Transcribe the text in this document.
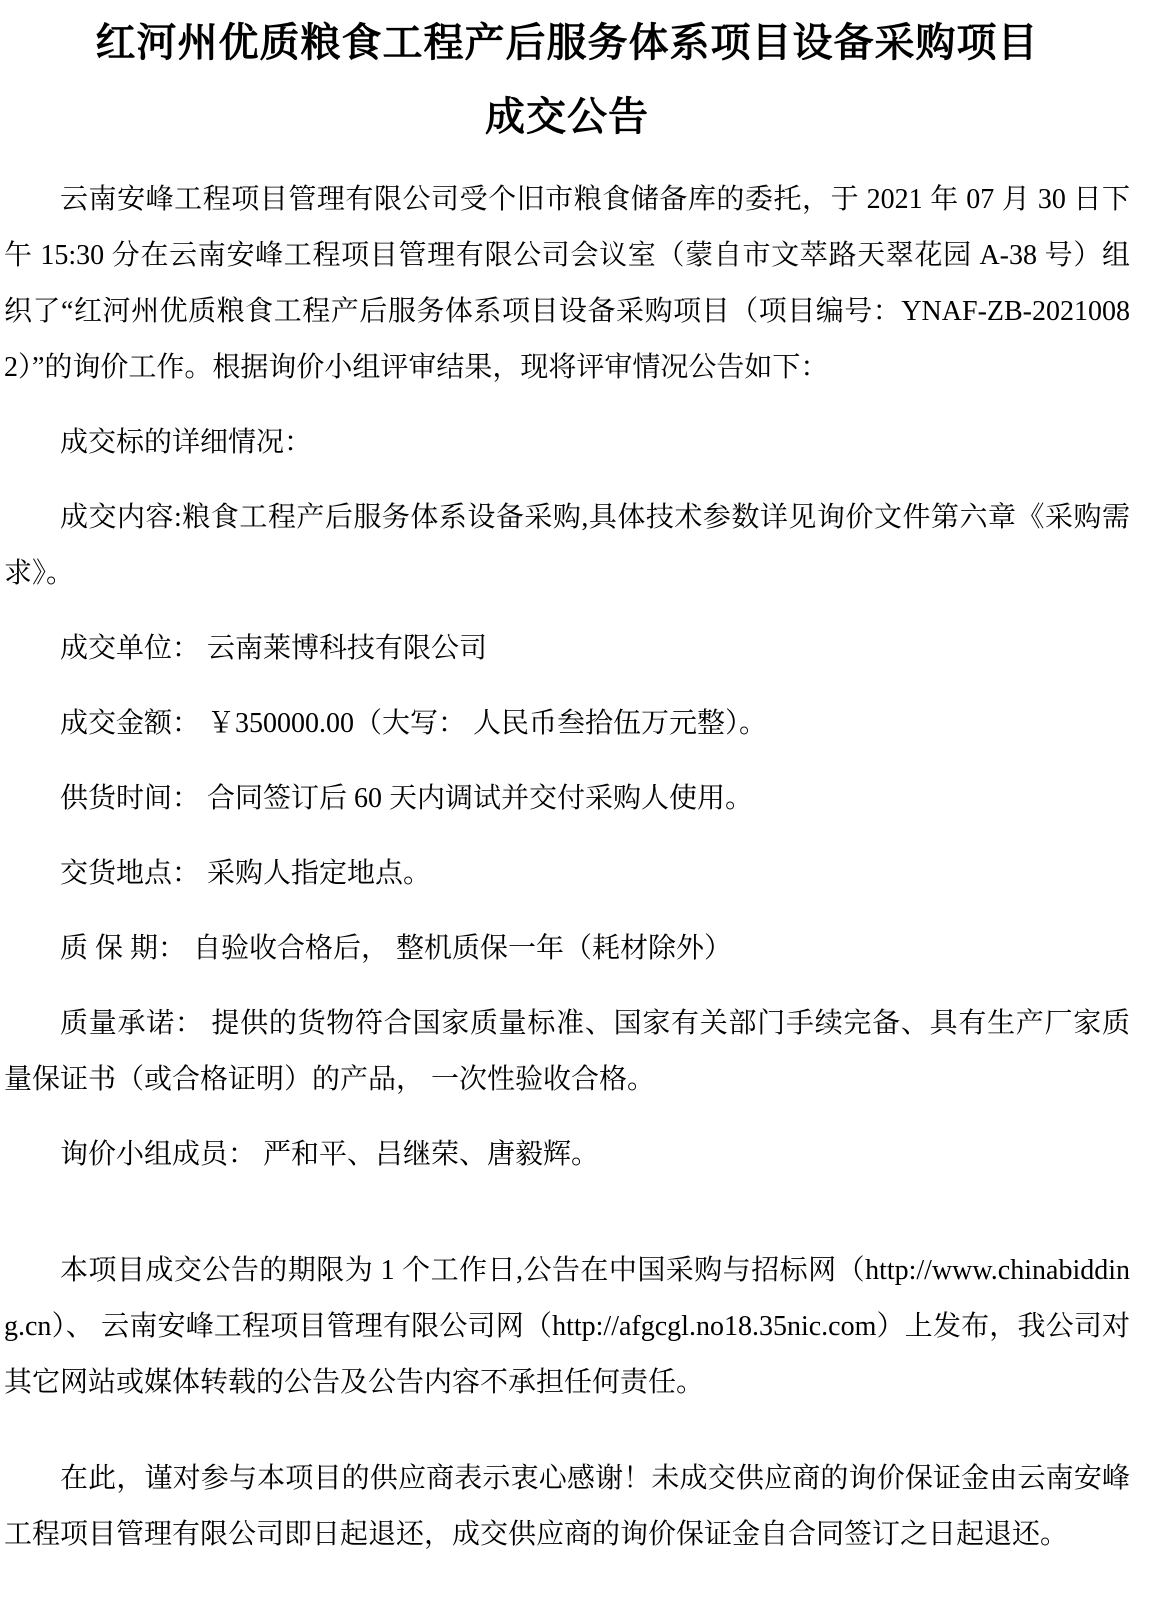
红河州优质粮食工程产后服务体系项目设备采购项目
成交公告

云南安峰工程项目管理有限公司受个旧市粮食储备库的委托，于 2021 年 07 月 30 日下午 15:30 分在云南安峰工程项目管理有限公司会议室（蒙自市文萃路天翠花园 A-38 号）组织了“红河州优质粮食工程产后服务体系项目设备采购项目（项目编号：YNAF-ZB-20210082）”的询价工作。根据询价小组评审结果，现将评审情况公告如下：

成交标的详细情况：

成交内容:粮食工程产后服务体系设备采购,具体技术参数详见询价文件第六章《采购需求》。

成交单位： 云南莱博科技有限公司

成交金额： ￥350000.00（大写： 人民币叁拾伍万元整）。

供货时间： 合同签订后 60 天内调试并交付采购人使用。

交货地点： 采购人指定地点。

质 保 期： 自验收合格后， 整机质保一年（耗材除外）

质量承诺： 提供的货物符合国家质量标准、国家有关部门手续完备、具有生产厂家质量保证书（或合格证明）的产品， 一次性验收合格。

询价小组成员： 严和平、吕继荣、唐毅辉。

本项目成交公告的期限为 1 个工作日,公告在中国采购与招标网（http://www.chinabidding.cn）、 云南安峰工程项目管理有限公司网（http://afgcgl.no18.35nic.com）上发布，我公司对其它网站或媒体转载的公告及公告内容不承担任何责任。

在此，谨对参与本项目的供应商表示衷心感谢！未成交供应商的询价保证金由云南安峰工程项目管理有限公司即日起退还，成交供应商的询价保证金自合同签订之日起退还。
